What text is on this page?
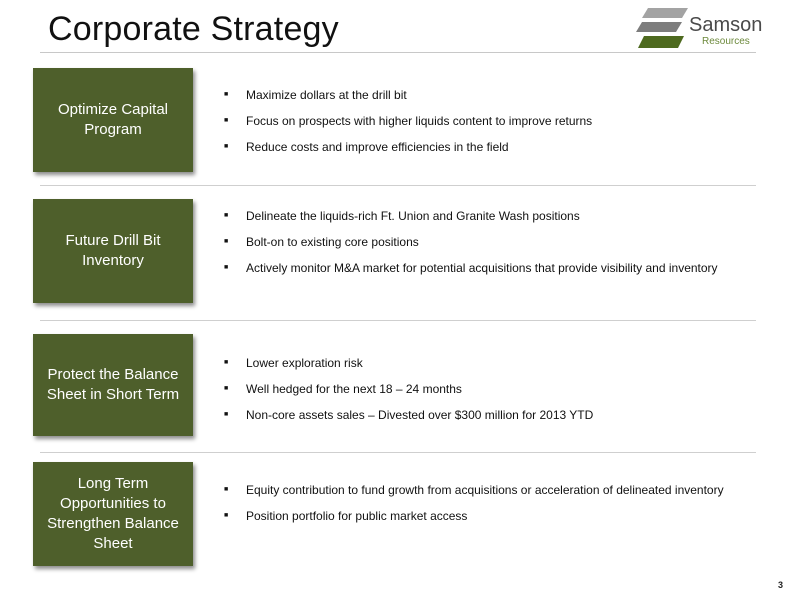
Corporate Strategy	Samson
Resources
Optimize Capital Program
■ Maximize dollars at the drill bit
■ Focus on prospects with higher liquids content to improve returns
■ Reduce costs and improve efficiencies in the field
Future Drill Bit Inventory
■ Delineate the liquids-rich Ft. Union and Granite Wash positions
■ Bolt-on to existing core positions
■ Actively monitor M&A market for potential acquisitions that provide visibility and inventory
Protect the Balance Sheet in Short Term
■ Lower exploration risk
■ Well hedged for the next 18 – 24 months
■ Non-core assets sales – Divested over $300 million for 2013 YTD
Long Term Opportunities to Strengthen Balance Sheet
■ Equity contribution to fund growth from acquisitions or acceleration of delineated inventory
■ Position portfolio for public market access
3
